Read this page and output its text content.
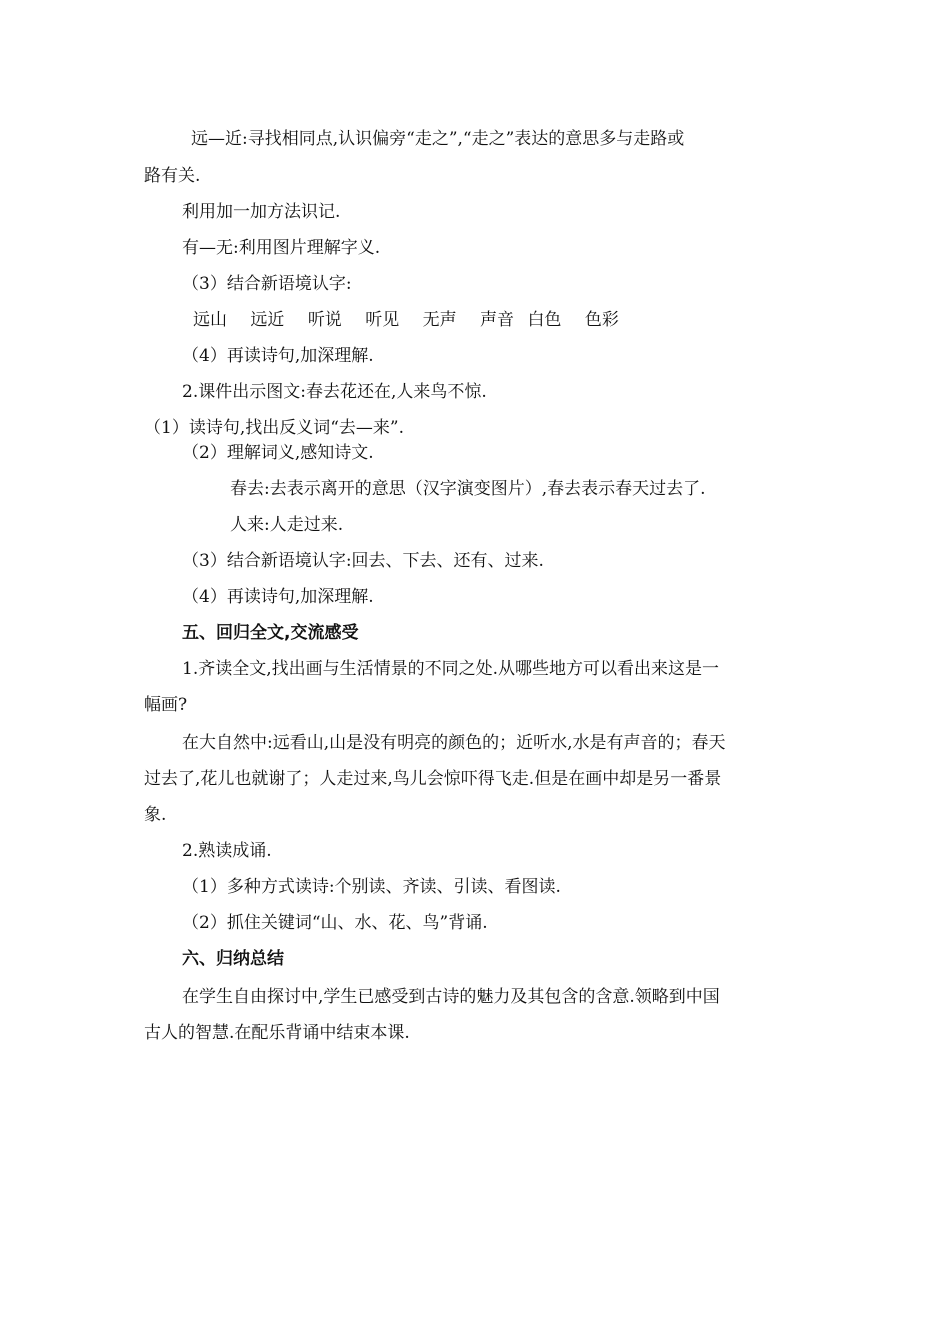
远—近:寻找相同点,认识偏旁“走之”,“走之”表达的意思多与走路或
路有关.
利用加一加方法识记.
有—无:利用图片理解字义.
（3）结合新语境认字:
远山 远近 听说 听见 无声 声音 白色 色彩
（4）再读诗句,加深理解.
2.课件出示图文:春去花还在,人来鸟不惊.
（1）读诗句,找出反义词“去—来”.
（2）理解词义,感知诗文.
春去:去表示离开的意思（汉字演变图片）,春去表示春天过去了.
人来:人走过来.
（3）结合新语境认字:回去、下去、还有、过来.
（4）再读诗句,加深理解.
五、回归全文,交流感受
1.齐读全文,找出画与生活情景的不同之处.从哪些地方可以看出来这是一
幅画?
在大自然中:远看山,山是没有明亮的颜色的；近听水,水是有声音的；春天
过去了,花儿也就谢了；人走过来,鸟儿会惊吓得飞走.但是在画中却是另一番景
象.
2.熟读成诵.
（1）多种方式读诗:个别读、齐读、引读、看图读.
（2）抓住关键词“山、水、花、鸟”背诵.
六、归纳总结
在学生自由探讨中,学生已感受到古诗的魅力及其包含的含意.领略到中国
古人的智慧.在配乐背诵中结束本课.
